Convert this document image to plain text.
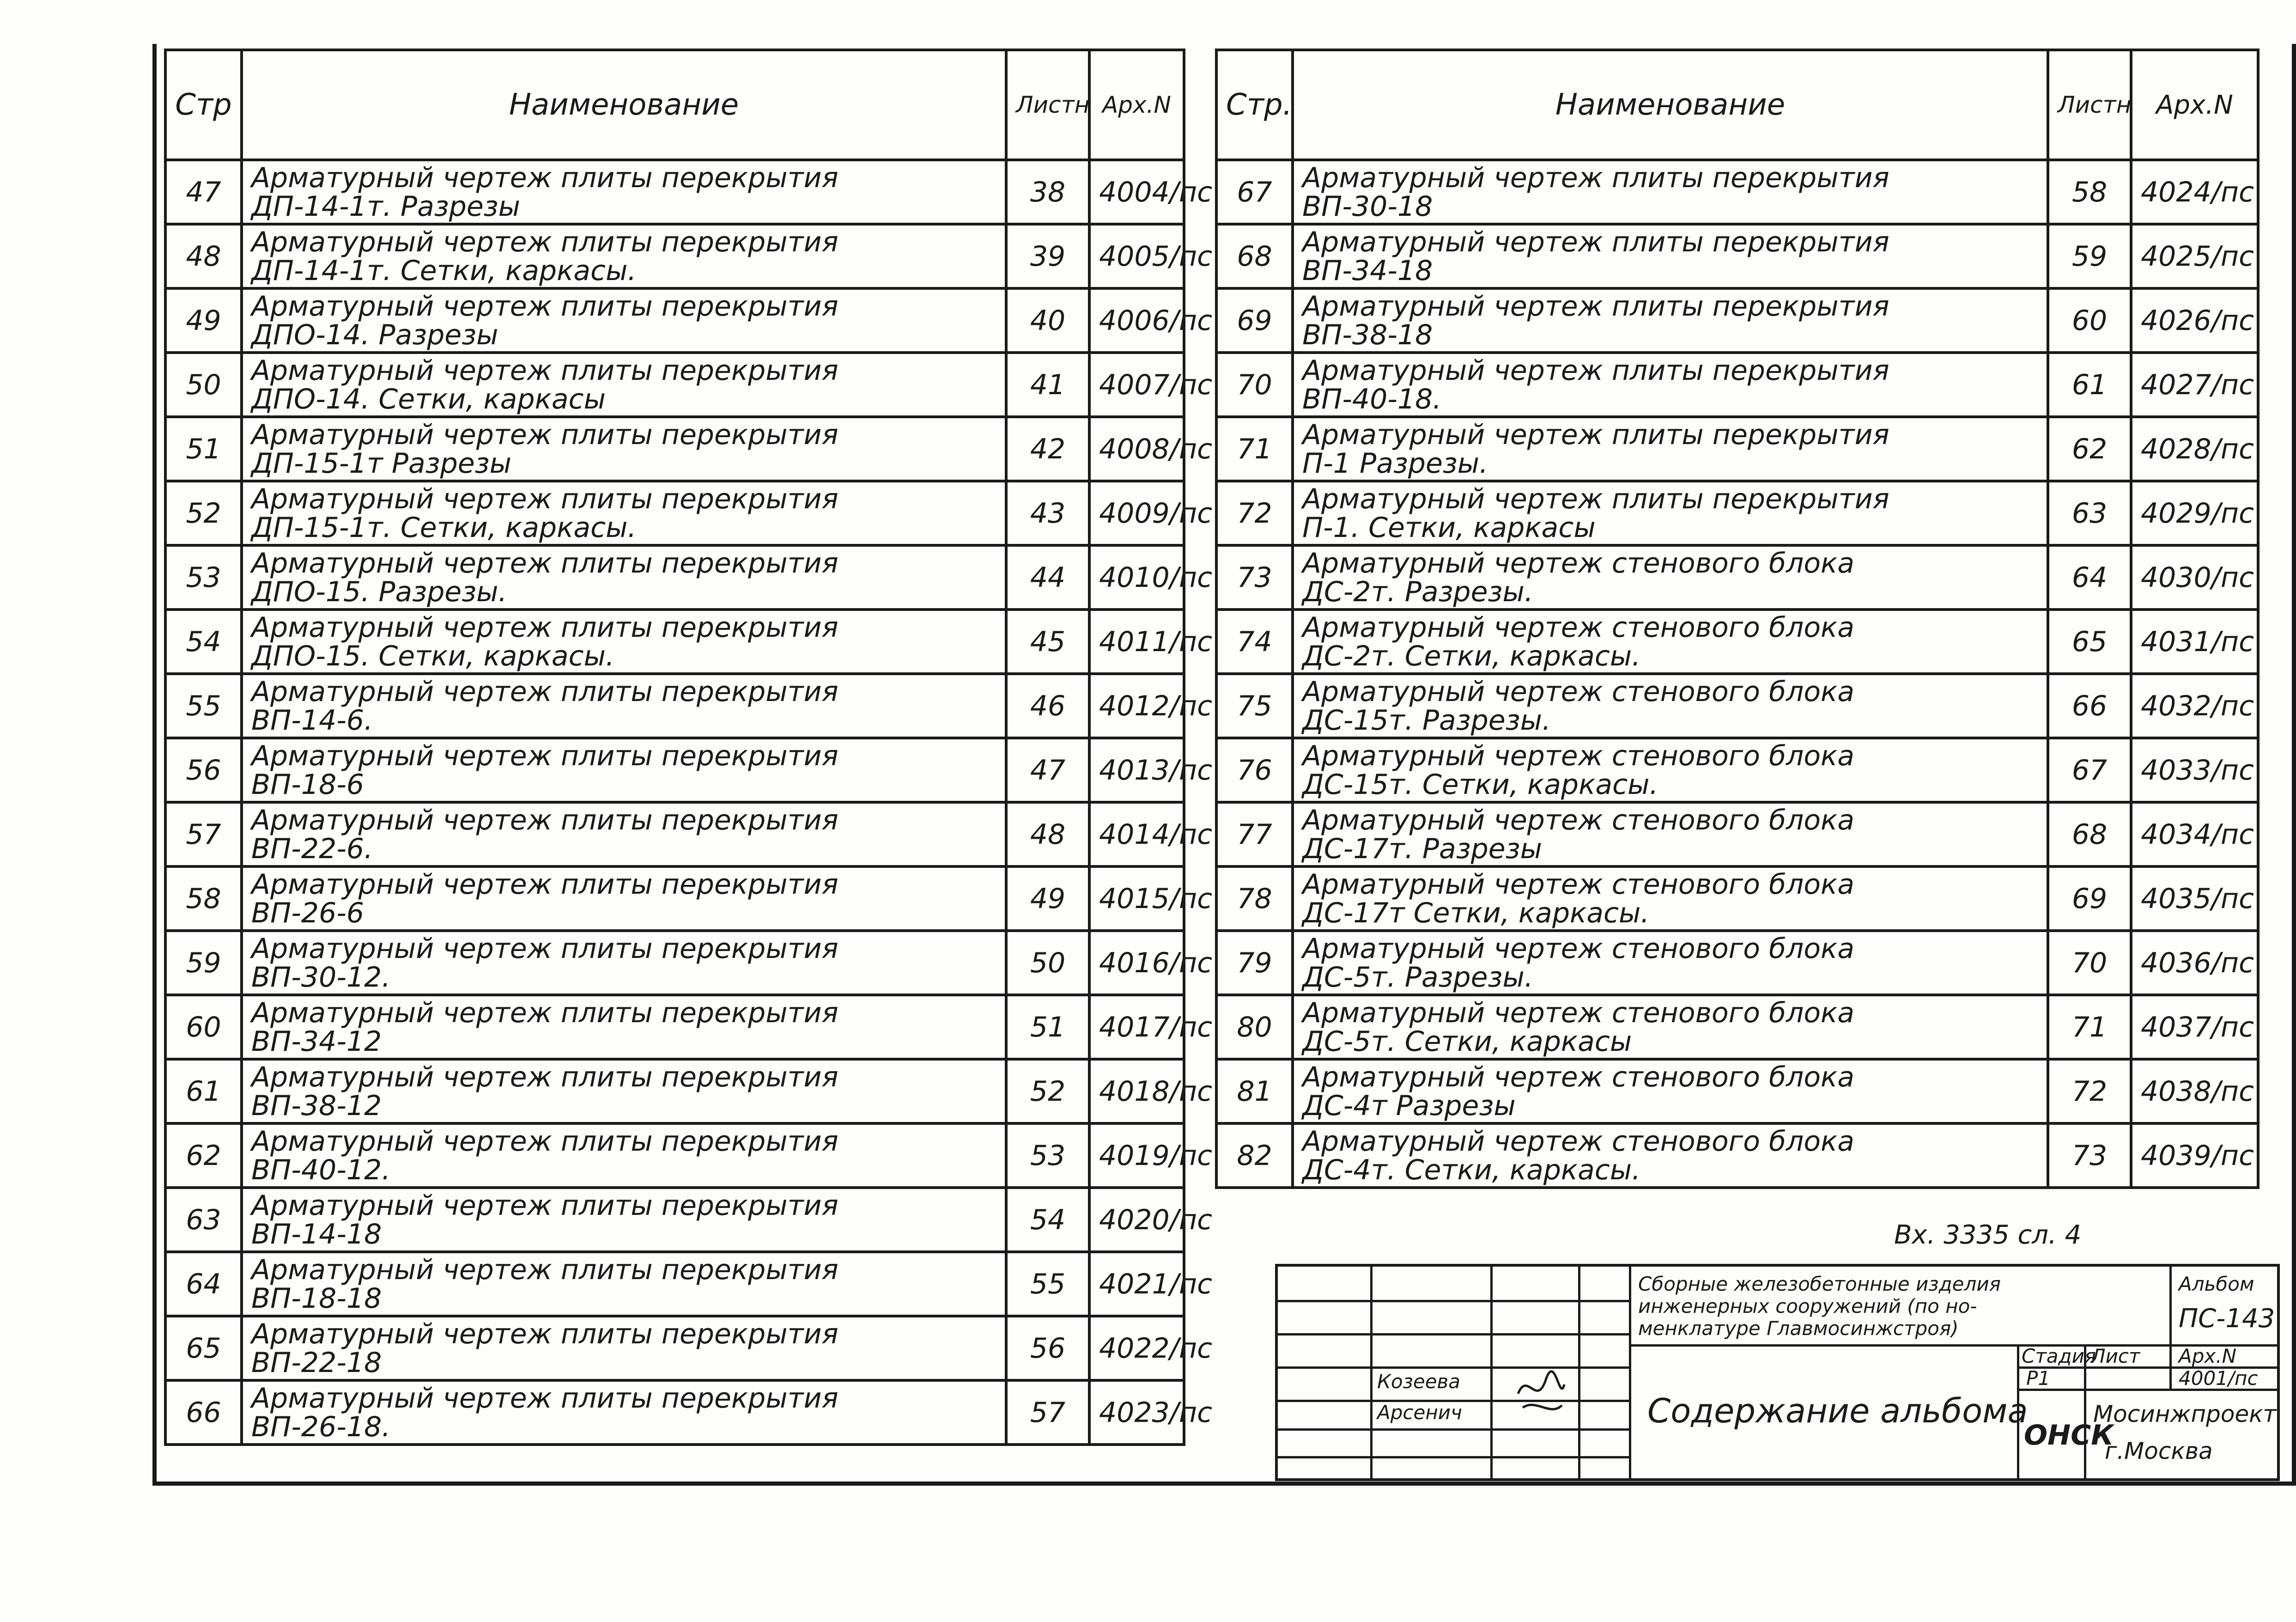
Стр	Наименование	Листн	Арх.N
47	Арматурный чертеж плиты перекрытия
ДП-14-1т. Разрезы	38	4004/пс
48	Арматурный чертеж плиты перекрытия
ДП-14-1т. Сетки, каркасы.	39	4005/пс
49	Арматурный чертеж плиты перекрытия
ДПО-14. Разрезы	40	4006/пс
50	Арматурный чертеж плиты перекрытия
ДПО-14. Сетки, каркасы	41	4007/пс
51	Арматурный чертеж плиты перекрытия
ДП-15-1т Разрезы	42	4008/пс
52	Арматурный чертеж плиты перекрытия
ДП-15-1т. Сетки, каркасы.	43	4009/пс
53	Арматурный чертеж плиты перекрытия
ДПО-15. Разрезы.	44	4010/пс
54	Арматурный чертеж плиты перекрытия
ДПО-15. Сетки, каркасы.	45	4011/пс
55	Арматурный чертеж плиты перекрытия
ВП-14-6.	46	4012/пс
56	Арматурный чертеж плиты перекрытия
ВП-18-6	47	4013/пс
57	Арматурный чертеж плиты перекрытия
ВП-22-6.	48	4014/пс
58	Арматурный чертеж плиты перекрытия
ВП-26-6	49	4015/пс
59	Арматурный чертеж плиты перекрытия
ВП-30-12.	50	4016/пс
60	Арматурный чертеж плиты перекрытия
ВП-34-12	51	4017/пс
61	Арматурный чертеж плиты перекрытия
ВП-38-12	52	4018/пс
62	Арматурный чертеж плиты перекрытия
ВП-40-12.	53	4019/пс
63	Арматурный чертеж плиты перекрытия
ВП-14-18	54	4020/пс
64	Арматурный чертеж плиты перекрытия
ВП-18-18	55	4021/пс
65	Арматурный чертеж плиты перекрытия
ВП-22-18	56	4022/пс
66	Арматурный чертеж плиты перекрытия
ВП-26-18.	57	4023/пс
Стр.	Наименование	Листн	Арх.N
67	Арматурный чертеж плиты перекрытия
ВП-30-18	58	4024/пс
68	Арматурный чертеж плиты перекрытия
ВП-34-18	59	4025/пс
69	Арматурный чертеж плиты перекрытия
ВП-38-18	60	4026/пс
70	Арматурный чертеж плиты перекрытия
ВП-40-18.	61	4027/пс
71	Арматурный чертеж плиты перекрытия
П-1 Разрезы.	62	4028/пс
72	Арматурный чертеж плиты перекрытия
П-1. Сетки, каркасы	63	4029/пс
73	Арматурный чертеж стенового блока
ДС-2т. Разрезы.	64	4030/пс
74	Арматурный чертеж стенового блока
ДС-2т. Сетки, каркасы.	65	4031/пс
75	Арматурный чертеж стенового блока
ДС-15т. Разрезы.	66	4032/пс
76	Арматурный чертеж стенового блока
ДС-15т. Сетки, каркасы.	67	4033/пс
77	Арматурный чертеж стенового блока
ДС-17т. Разрезы	68	4034/пс
78	Арматурный чертеж стенового блока
ДС-17т Сетки, каркасы.	69	4035/пс
79	Арматурный чертеж стенового блока
ДС-5т. Разрезы.	70	4036/пс
80	Арматурный чертеж стенового блока
ДС-5т. Сетки, каркасы	71	4037/пс
81	Арматурный чертеж стенового блока
ДС-4т Разрезы	72	4038/пс
82	Арматурный чертеж стенового блока
ДС-4т. Сетки, каркасы.	73	4039/пс
Вх. 3335 сл. 4
Козеева
Арсенич
Сборные железобетонные изделия
инженерных сооружений (по но-
менклатуре Главмосинжстроя)
Альбом
ПС-143
Содержание альбома
Стадия
Лист Арх.N
Р1	4001/пс
ОНСК
Мосинжпроект
г.Москва
